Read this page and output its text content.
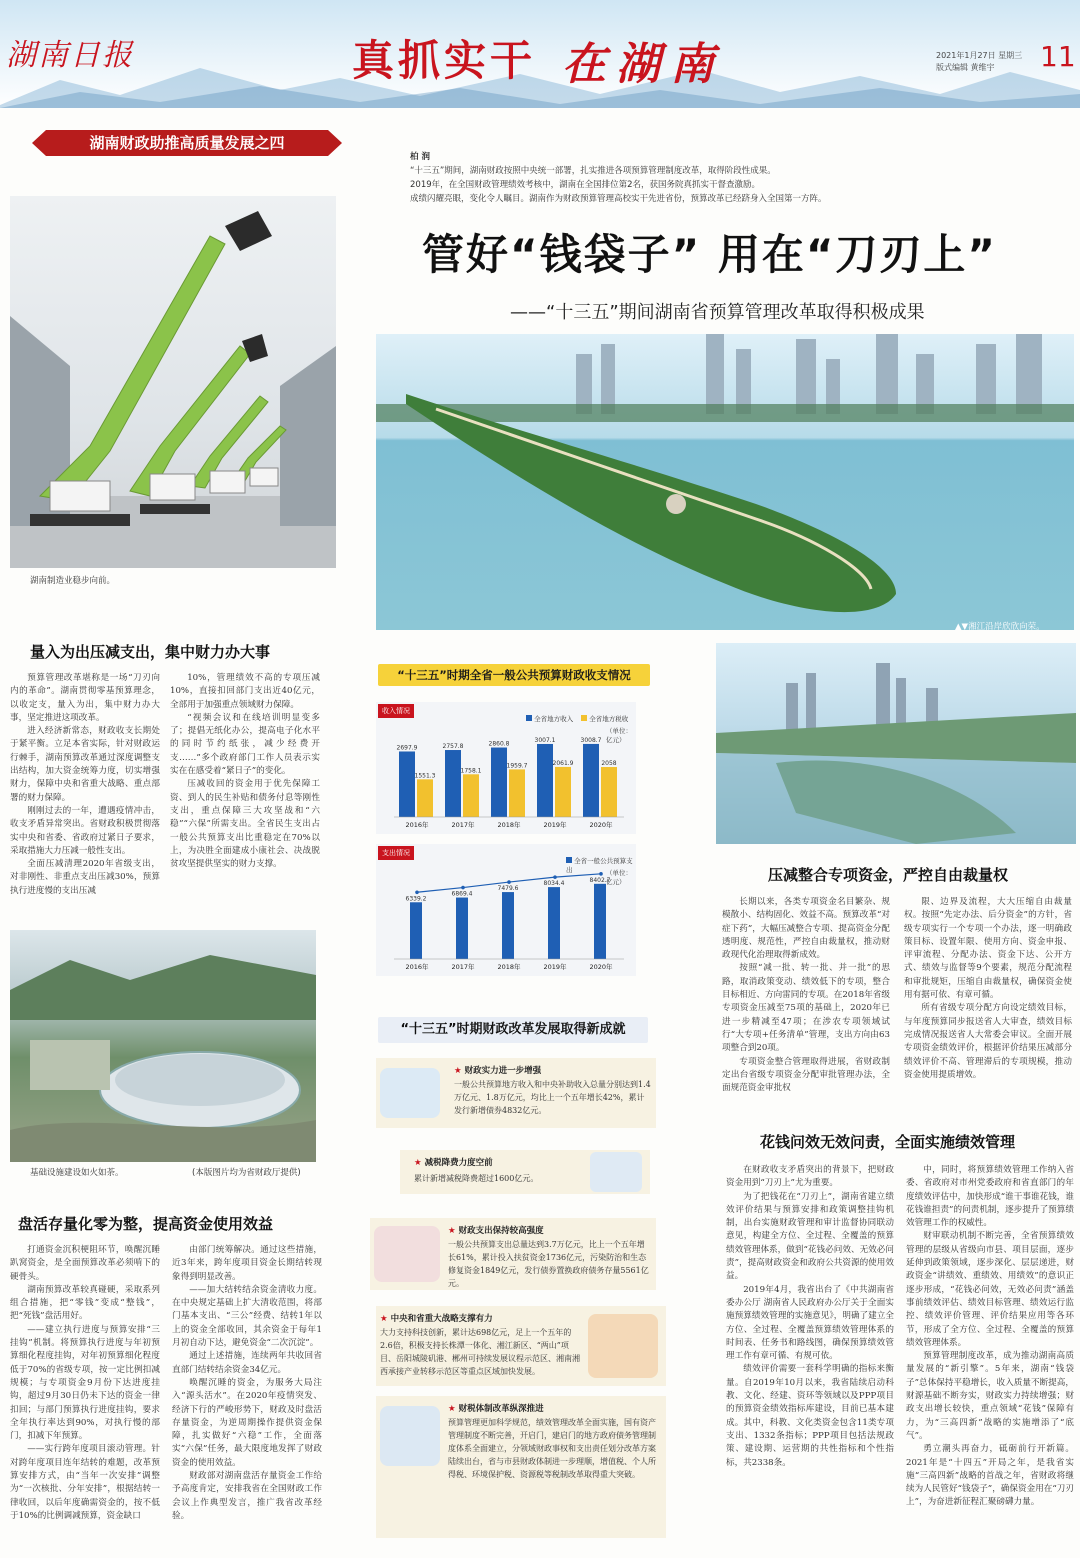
湖南日报	真抓实干 在湖南	2021年1月27日 星期三
版式编辑 黄维宇	11
湖南财政助推高质量发展之四
柏 润
“十三五”期间，湖南财政按照中央统一部署，扎实推进各项预算管理制度改革，取得阶段性成果。
2019年，在全国财政管理绩效考核中，湖南在全国排位第2名，获国务院真抓实干督查激励。
成绩闪耀亮眼，变化令人瞩目。湖南作为财政预算管理高校实干先进省份，预算改革已经跻身入全国第一方阵。
管好“钱袋子” 用在“刀刃上”
——“十三五”期间湖南省预算管理改革取得积极成果
湖南制造业稳步向前。
▲▼湘江沿岸欣欣向荣。
量入为出压减支出，集中财力办大事

预算管理改革堪称是一场“刀刃向内的革命”。湖南贯彻零基预算理念，以收定支，量入为出，集中财力办大事，坚定推进这项改革。

进入经济新常态，财政收支长期处于紧平衡。立足本省实际，针对财政运行棘手，湖南预算改革通过深度调整支出结构，加大资金统筹力度，切实增强财力，保障中央和省重大战略、重点部署的财力保障。

刚刚过去的一年，遭遇疫情冲击，收支矛盾异常突出。省财政积极贯彻落实中央和省委、省政府过紧日子要求，采取措施大力压减一般性支出。

全面压减清理2020年省级支出，对非刚性、非重点支出压减30%，预算执行进度慢的支出压减

10%，管理绩效不高的专项压减10%，直接扣回部门支出近40亿元，全部用于加强重点领域财力保障。

“视频会议和在线培训明显变多了；提倡无纸化办公，提高电子化水平的同时节约纸张，减少经费开支……”多个政府部门工作人员表示实实在在感受着“紧日子”的变化。

压减收回的资金用于优先保障工资、到人的民生补贴和债务付息等刚性支出，重点保障三大攻坚战和“六稳”“六保”所需支出。全省民生支出占一般公共预算支出比重稳定在70%以上，为决胜全面建成小康社会、决战脱贫攻坚提供坚实的财力支撑。

基础设施建设如火如荼。	(本版图片均为省财政厅提供)
盘活存量化零为整，提高资金使用效益

打通资金沉积梗阻环节，唤醒沉睡趴窝资金，是全面预算改革必须啃下的硬骨头。

湖南预算改革较真碰硬，采取系列组合措施，把“零钱”变成“整钱”，把“死钱”盘活用好。

——建立执行进度与预算安排“三挂钩”机制。将预算执行进度与年初预算细化程度挂钩，对年初预算细化程度低于70%的省级专项，按一定比例扣减规模；与专项资金9月份下达进度挂钩，超过9月30日仍未下达的资金一律扣回；与部门预算执行进度挂钩，要求全年执行率达到90%，对执行慢的部门，扣减下年预算。

——实行跨年度项目滚动管理。针对跨年度项目连年结转的难题，改革预算安排方式，由“当年一次安排”调整为“一次核批、分年安排”，根据结转一律收回，以后年度确需资金的，按不低于10%的比例调减预算，资金缺口

由部门统筹解决。通过这些措施，近3年来，跨年度项目资金长期结转现象得到明显改善。

——加大结转结余资金清收力度。在中央规定基础上扩大清收范围，将部门基本支出、“三公”经费、结转1年以上的资金全部收回，其余资金于每年1月初自动下达，避免资金“二次沉淀”。

通过上述措施，连续两年共收回省直部门结转结余资金34亿元。

唤醒沉睡的资金，为服务大局注入“源头活水”。在2020年疫情突发、经济下行的严峻形势下，财政及时盘活存量资金，为逆周期操作提供资金保障，扎实做好“六稳”工作，全面落实“六保”任务，最大限度地发挥了财政资金的使用效益。

财政部对湖南盘活存量资金工作给予高度肯定，安排我省在全国财政工作会议上作典型发言，推广我省改革经验。

“十三五”时期全省一般公共预算财政收支情况
收入情况
全省地方收入 全省地方税收
（单位：亿元）
2697.9
1551.3
2016年
2757.8
1758.1
2017年
2860.8
1959.7
2018年
3007.1
2061.9
2019年
3008.7
2058
2020年
支出情况
全省一般公共预算支出	（单位：亿元）
6339.2
2016年
6869.4
2017年
7479.6
2018年
8034.4
2019年
8402.7
2020年
“十三五”时期财政改革发展取得新成就
★ 财政实力进一步增强
一般公共预算地方收入和中央补助收入总量分别达到1.4万亿元、1.8万亿元，均比上一个五年增长42%，累计发行新增债券4832亿元。
★ 减税降费力度空前
累计新增减税降费超过1600亿元。
★ 财政支出保持较高强度
一般公共预算支出总量达到3.7万亿元，比上一个五年增长61%，累计投入扶贫资金1736亿元，污染防治和生态修复资金1849亿元，发行债券置换政府债务存量5561亿元。
★ 中央和省重大战略支撑有力
大力支持科技创新，累计达698亿元，足上一个五年的2.6倍，积极支持长株潭一体化、湘江新区、“两山”项目、岳阳城陵矶港、郴州可持续发展议程示范区、湘南湘西承接产业转移示范区等重点区域加快发展。
★ 财税体制改革纵深推进
预算管理更加科学规范，绩效管理改革全面实施，国有资产管理制度不断完善，开启门，建启门的地方政府债务管理制度体系全面建立，分领域财政事权和支出责任划分改革方案陆续出台，省与市县财政体制进一步理顺，增值税、个人所得税、环境保护税、资源税等税制改革取得重大突破。
压减整合专项资金，严控自由裁量权

长期以来，各类专项资金名目繁杂、规模散小、结构固化、效益不高。预算改革“对症下药”，大幅压减整合专项、提高资金分配透明度、规范性，严控自由裁量权，推动财政现代化治理取得新成效。

按照“减一批、转一批、并一批”的思路，取消政策变动、绩效低下的专项，整合目标相近、方向雷同的专项。在2018年省级专项资金压减至75项的基础上，2020年已进一步精减至47项；在涉农专项领域试行“大专项+任务清单”管理，支出方向由63项整合到20项。

专项资金整合管理取得进展，省财政制定出台省级专项资金分配审批管理办法，全面规范资金审批权

限、边界及流程，大大压缩自由裁量权。按照“先定办法、后分资金”的方针，省级专项实行一个专项一个办法，逐一明确政策目标、设置年限、使用方向、资金申报、评审流程、分配办法、资金下达、公开方式、绩效与监督等9个要素，规范分配流程和审批规矩，压缩自由裁量权，确保资金使用有据可依、有章可循。

所有省级专项分配方向设定绩效目标，与年度预算同步报送省人大审查，绩效目标完成情况报送省人大常委会审议。全面开展专项资金绩效评价，根据评价结果压减部分绩效评价不高、管理滞后的专项规模，推动资金使用提质增效。

花钱问效无效问责，全面实施绩效管理

在财政收支矛盾突出的背景下，把财政资金用到“刀刃上”尤为重要。

为了把钱花在“刀刃上”，湖南省建立绩效评价结果与预算安排和政策调整挂钩机制，出台实施财政管理和审计监督协同联动意见，构建全方位、全过程、全覆盖的预算绩效管理体系，做到“花钱必问效、无效必问责”，提高财政资金和政府公共资源的使用效益。

2019年4月，我省出台了《中共湖南省委办公厅 湖南省人民政府办公厅关于全面实施预算绩效管理的实施意见》，明确了建立全方位、全过程、全覆盖预算绩效管理体系的时间表、任务书和路线图，确保预算绩效管理工作有章可循、有规可依。

绩效评价需要一套科学明确的指标来衡量。自2019年10月以来，我省陆续启动科教、文化、经建、资环等领域以及PPP项目的预算资金绩效指标库建设，目前已基本建成。其中，科教、文化类资金包含11类专项支出、1332条指标；PPP项目包括法规政策、建设期、运营期的共性指标和个性指标，共2338条。

中，同时，将预算绩效管理工作纳入省委、省政府对市州党委政府和省直部门的年度绩效评估中，加快形成“谁干事谁花钱，谁花钱谁担责”的问责机制，逐步提升了预算绩效管理工作的权威性。

财审联动机制不断完善，全省预算绩效管理的层级从省级向市县、项目层面，逐步延伸到政策领域，逐步深化、层层递进，财政资金“讲绩效、重绩效、用绩效”的意识正逐步形成，“花钱必问效，无效必问责”涵盖事前绩效评估、绩效目标管理、绩效运行监控、绩效评价管理、评价结果应用等各环节，形成了全方位、全过程、全覆盖的预算绩效管理体系。

预算管理制度改革，成为推动湖南高质量发展的“新引擎”。5年来，湖南“钱袋子”总体保持平稳增长，收入质量不断提高，财源基础不断夯实，财政实力持续增强；财政支出增长较快，重点领域“花钱”保障有力，为“三高四新”战略的实施增添了“底气”。

勇立潮头再奋力，砥砺前行开新篇。2021年是“十四五”开局之年，是我省实施“三高四新”战略的首战之年，省财政将继续为人民管好“钱袋子”，确保资金用在“刀刃上”，为奋进新征程汇聚磅礴力量。
